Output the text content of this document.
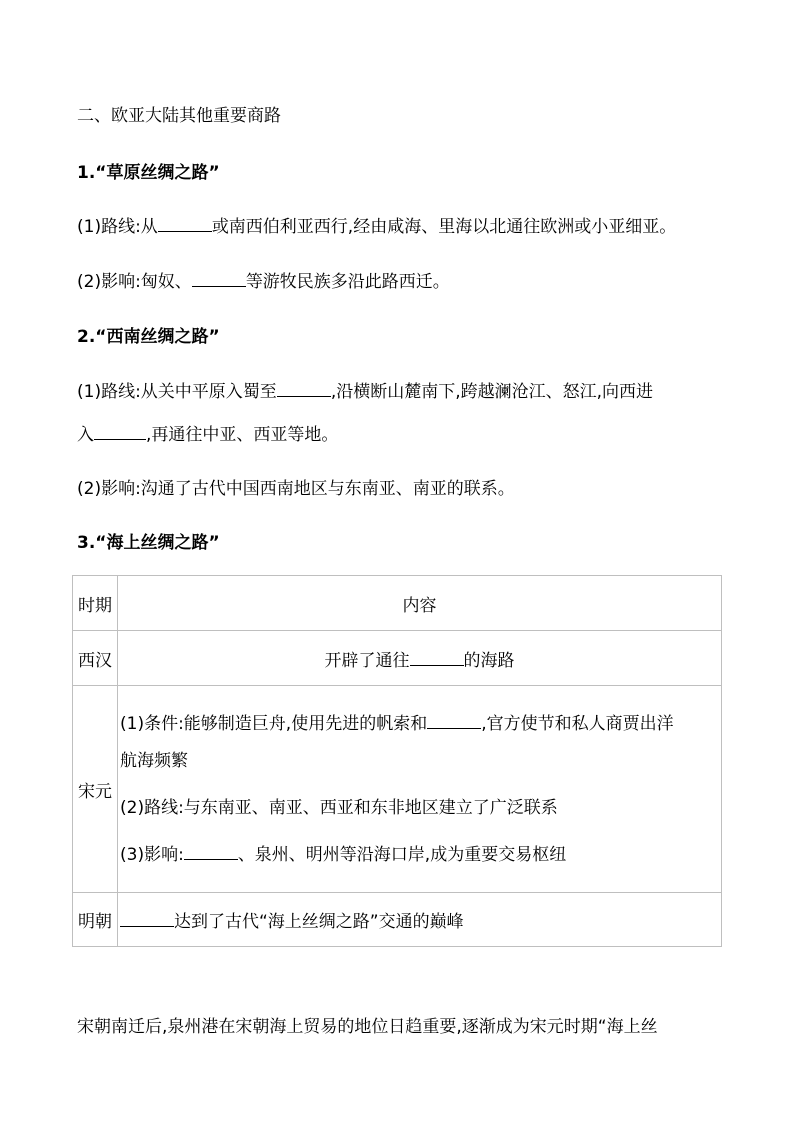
二、欧亚大陆其他重要商路
1.“草原丝绸之路”
(1)路线:从	或南西伯利亚西行,经由咸海、里海以北通往欧洲或小亚细亚。
(2)影响:匈奴、	等游牧民族多沿此路西迁。
2.“西南丝绸之路”
(1)路线:从关中平原入蜀至	,沿横断山麓南下,跨越澜沧江、怒江,向西进
入	,再通往中亚、西亚等地。
(2)影响:沟通了古代中国西南地区与东南亚、南亚的联系。
3.“海上丝绸之路”
时期	内容
西汉	开辟了通往 的海路
宋元	(1)条件:能够制造巨舟,使用先进的帆索和 ,官方使节和私人商贾出洋

航海频繁

(2)路线:与东南亚、南亚、西亚和东非地区建立了广泛联系

(3)影响: 、泉州、明州等沿海口岸,成为重要交易枢纽

明朝	达到了古代“海上丝绸之路”交通的巅峰
宋朝南迁后,泉州港在宋朝海上贸易的地位日趋重要,逐渐成为宋元时期“海上丝
